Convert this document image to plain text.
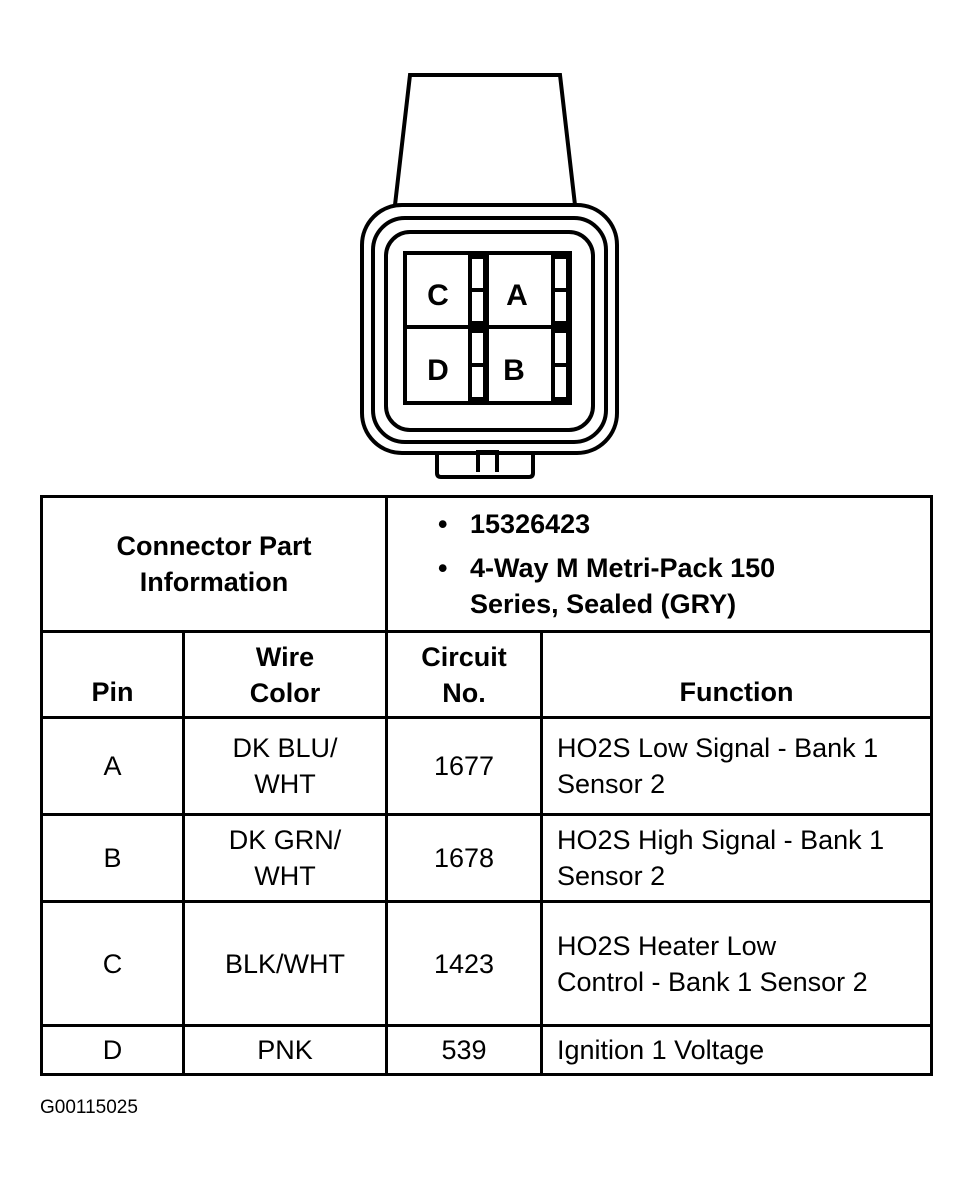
C A
D B
Connector Part Information		• 15326423
• 4-Way M Metri-Pack 150 Series, Sealed (GRY)

Pin	Wire Color	Circuit No.	Function
A	DK BLU/ WHT	1677	HO2S Low Signal - Bank 1 Sensor 2
B	DK GRN/ WHT	1678	HO2S High Signal - Bank 1 Sensor 2
C	BLK/WHT	1423	HO2S Heater Low Control - Bank 1 Sensor 2
D	PNK	539	Ignition 1 Voltage
G00115025
